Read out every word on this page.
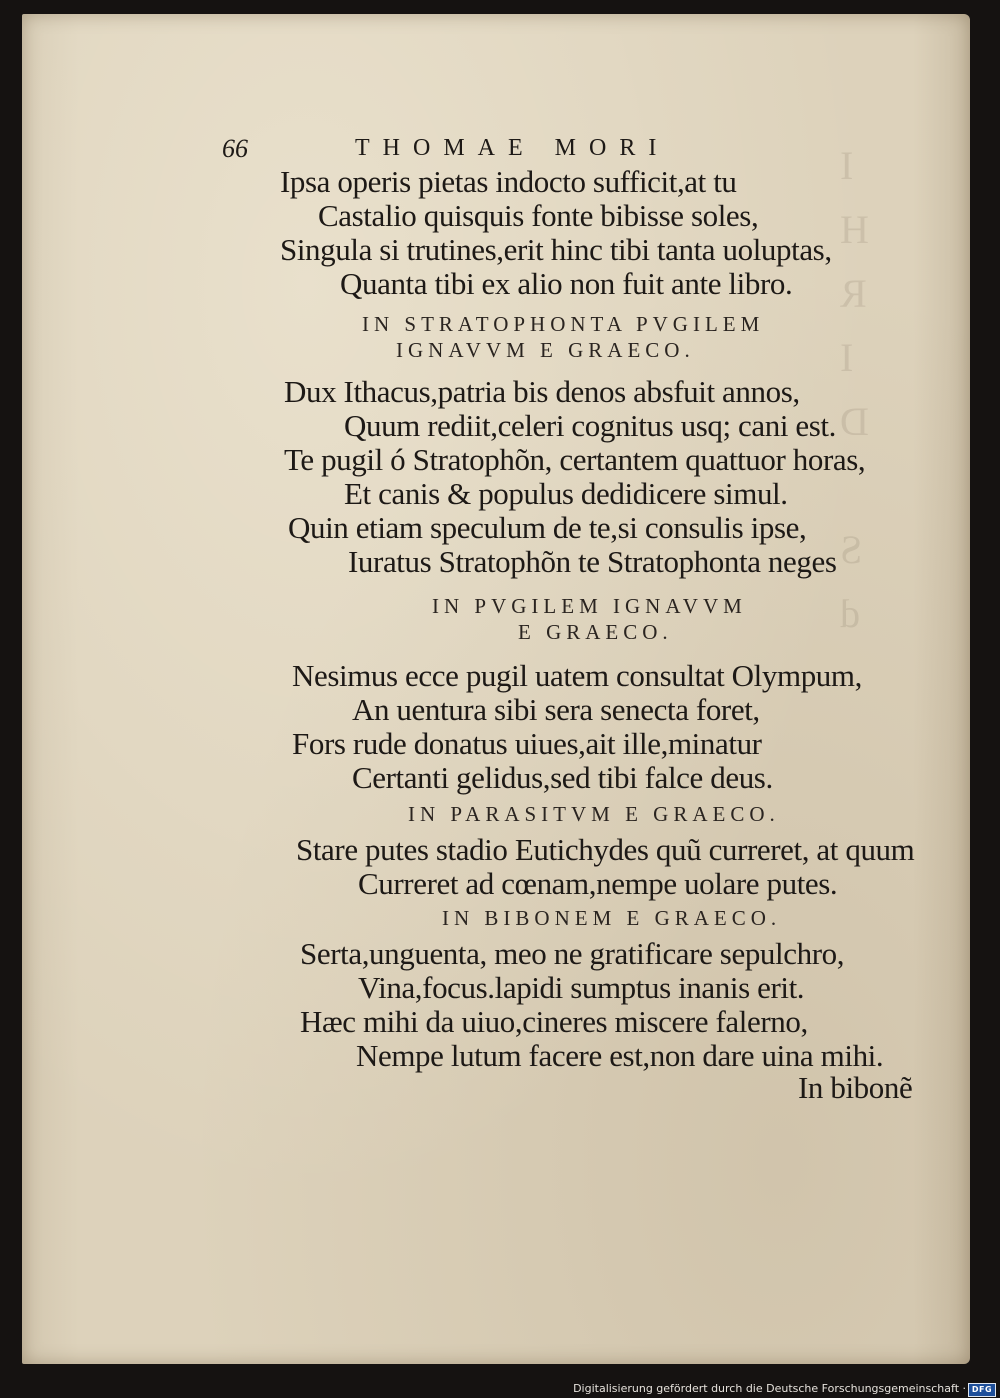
I
H
R
I
D

S
d
66	THOMAE MORI
Ipsa operis pietas indocto sufficit,at tu
Castalio quisquis fonte bibisse soles,
Singula si trutines,erit hinc tibi tanta uoluptas,
Quanta tibi ex alio non fuit ante libro.
IN STRATOPHONTA PVGILEM
IGNAVVM E GRAECO.
Dux Ithacus,patria bis denos absfuit annos,
Quum rediit,celeri cognitus usq; cani est.
Te pugil ó Stratophõn, certantem quattuor horas,
Et canis & populus dedidicere simul.
Quin etiam speculum de te,si consulis ipse,
Iuratus Stratophõn te Stratophonta neges
IN PVGILEM IGNAVVM
E GRAECO.
Nesimus ecce pugil uatem consultat Olympum,
An uentura sibi sera senecta foret,
Fors rude donatus uiues,ait ille,minatur
Certanti gelidus,sed tibi falce deus.
IN PARASITVM E GRAECO.
Stare putes stadio Eutichydes quũ curreret, at quum
Curreret ad cœnam,nempe uolare putes.
IN BIBONEM E GRAECO.
Serta,unguenta, meo ne gratificare sepulchro,
Vina,focus.lapidi sumptus inanis erit.
Hæc mihi da uiuo,cineres miscere falerno,
Nempe lutum facere est,non dare uina mihi.
In bibonẽ
Digitalisierung gefördert durch die Deutsche Forschungsgemeinschaft · DFG
